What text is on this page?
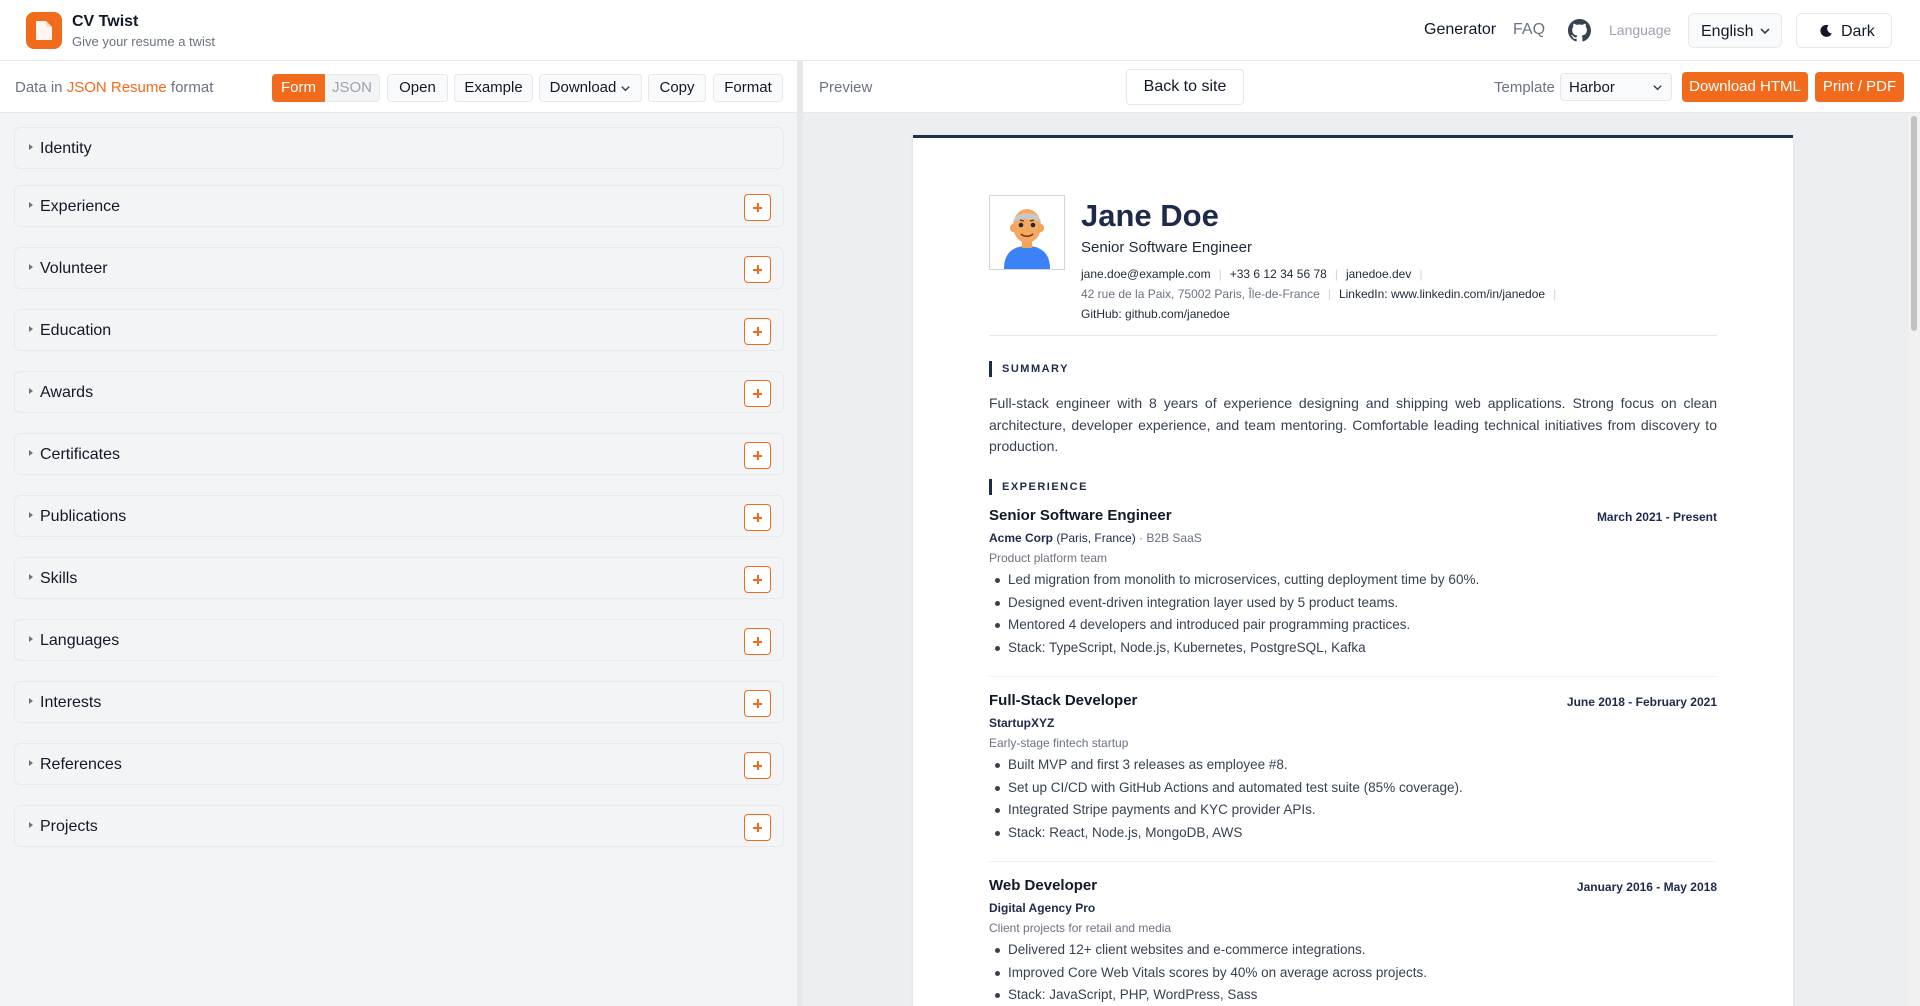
CV Twist
Give your resume a twist
Generator FAQ	Language	English	Dark
Data in JSON Resume format	Form	JSON	Open	Example	Download	Copy	Format
Identity
Experience
Volunteer
Education
Awards
Certificates
Publications
Skills
Languages
Interests
References
Projects
Preview	Back to site	Template Harbor	Download HTML	Print / PDF
Jane Doe
Senior Software Engineer
jane.doe@example.com | +33 6 12 34 56 78 | janedoe.dev |
42 rue de la Paix, 75002 Paris, Île-de-France | LinkedIn: www.linkedin.com/in/janedoe |
GitHub: github.com/janedoe
SUMMARY
Full-stack engineer with 8 years of experience designing and shipping web applications. Strong focus on clean architecture, developer experience, and team mentoring. Comfortable leading technical initiatives from discovery to production.
EXPERIENCE
Senior Software Engineer	March 2021 - Present
Acme Corp (Paris, France) · B2B SaaS
Product platform team
Led migration from monolith to microservices, cutting deployment time by 60%.
Designed event-driven integration layer used by 5 product teams.
Mentored 4 developers and introduced pair programming practices.
Stack: TypeScript, Node.js, Kubernetes, PostgreSQL, Kafka
Full-Stack Developer	June 2018 - February 2021
StartupXYZ
Early-stage fintech startup
Built MVP and first 3 releases as employee #8.
Set up CI/CD with GitHub Actions and automated test suite (85% coverage).
Integrated Stripe payments and KYC provider APIs.
Stack: React, Node.js, MongoDB, AWS
Web Developer	January 2016 - May 2018
Digital Agency Pro
Client projects for retail and media
Delivered 12+ client websites and e-commerce integrations.
Improved Core Web Vitals scores by 40% on average across projects.
Stack: JavaScript, PHP, WordPress, Sass
